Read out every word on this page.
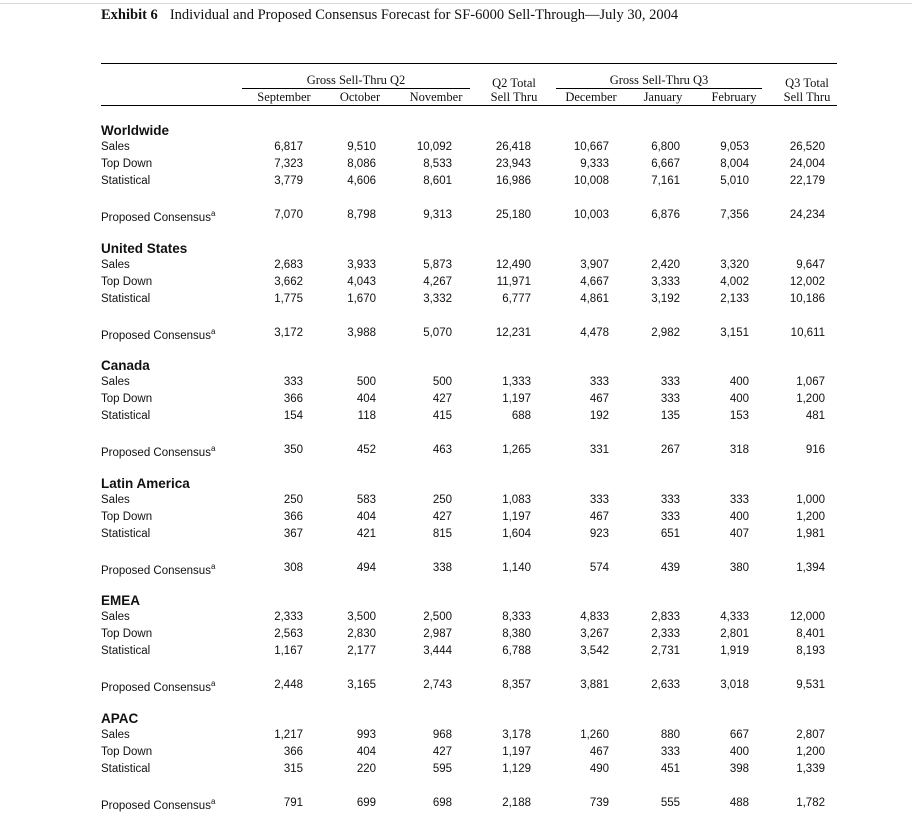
Exhibit 6 Individual and Proposed Consensus Forecast for SF-6000 Sell-Through—July 30, 2004
Gross Sell-Thru Q2	Gross Sell-Thru Q3
Q2 Total
Sell Thru
Q3 Total
Sell Thru
September	October	November	December	January	February
Worldwide
Sales	6,817	9,510	10,092	26,418	10,667	6,800	9,053	26,520
Top Down	7,323	8,086	8,533	23,943	9,333	6,667	8,004	24,004
Statistical	3,779	4,606	8,601	16,986	10,008	7,161	5,010	22,179
Proposed Consensus$^a$	7,070	8,798	9,313	25,180	10,003	6,876	7,356	24,234
United States
Sales	2,683	3,933	5,873	12,490	3,907	2,420	3,320	9,647
Top Down	3,662	4,043	4,267	11,971	4,667	3,333	4,002	12,002
Statistical	1,775	1,670	3,332	6,777	4,861	3,192	2,133	10,186
Proposed Consensus$^a$	3,172	3,988	5,070	12,231	4,478	2,982	3,151	10,611
Canada
Sales	333	500	500	1,333	333	333	400	1,067
Top Down	366	404	427	1,197	467	333	400	1,200
Statistical	154	118	415	688	192	135	153	481
Proposed Consensus$^a$	350	452	463	1,265	331	267	318	916
Latin America
Sales	250	583	250	1,083	333	333	333	1,000
Top Down	366	404	427	1,197	467	333	400	1,200
Statistical	367	421	815	1,604	923	651	407	1,981
Proposed Consensus$^a$	308	494	338	1,140	574	439	380	1,394
EMEA
Sales	2,333	3,500	2,500	8,333	4,833	2,833	4,333	12,000
Top Down	2,563	2,830	2,987	8,380	3,267	2,333	2,801	8,401
Statistical	1,167	2,177	3,444	6,788	3,542	2,731	1,919	8,193
Proposed Consensus$^a$	2,448	3,165	2,743	8,357	3,881	2,633	3,018	9,531
APAC
Sales	1,217	993	968	3,178	1,260	880	667	2,807
Top Down	366	404	427	1,197	467	333	400	1,200
Statistical	315	220	595	1,129	490	451	398	1,339
Proposed Consensus$^a$	791	699	698	2,188	739	555	488	1,782
